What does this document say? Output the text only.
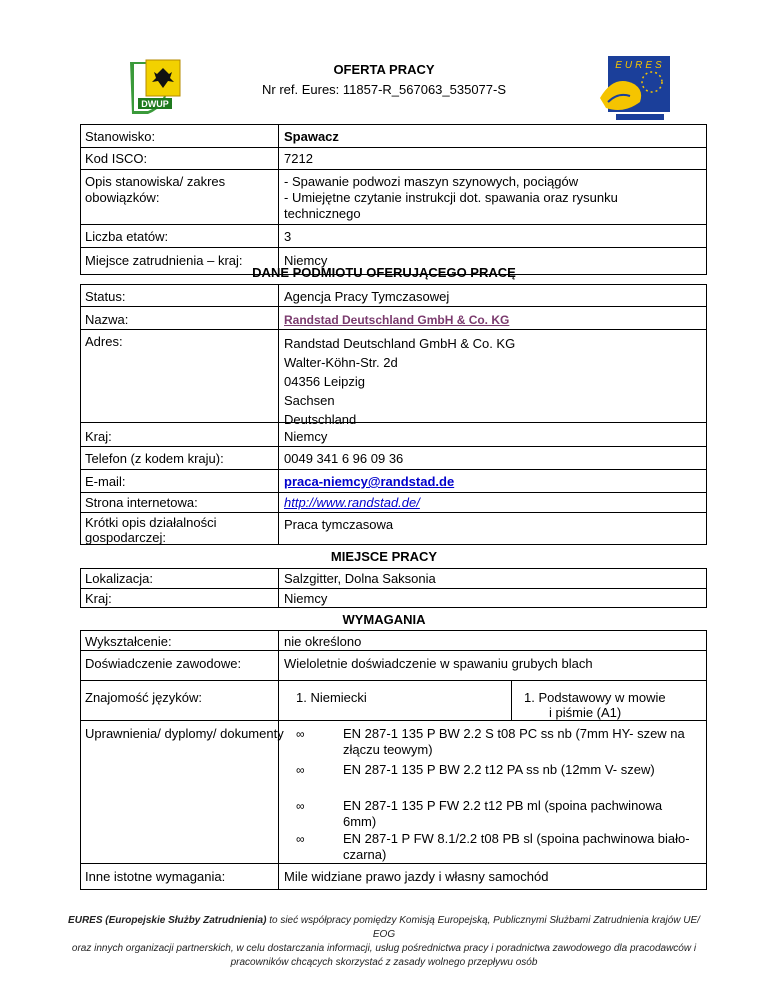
DWUP
OFERTA PRACY
Nr ref. Eures: 11857-R_567063_535077-S
EURES
Stanowisko:	Spawacz
Kod ISCO:	7212
Opis stanowiska/ zakres obowiązków:
- Spawanie podwozi maszyn szynowych, pociągów
- Umiejętne czytanie instrukcji dot. spawania oraz rysunku technicznego
Liczba etatów:	3
Miejsce zatrudnienia – kraj:	Niemcy
DANE PODMIOTU OFERUJĄCEGO PRACĘ
Status:	Agencja Pracy Tymczasowej
Nazwa:	Randstad Deutschland GmbH & Co. KG
Adres:	Randstad Deutschland GmbH & Co. KG
Walter-Köhn-Str. 2d
04356 Leipzig
Sachsen
Deutschland
Kraj:	Niemcy
Telefon (z kodem kraju):	0049 341 6 96 09 36
E-mail:	praca-niemcy@randstad.de
Strona internetowa:	http://www.randstad.de/
Krótki opis działalności gospodarczej:
Praca tymczasowa
MIEJSCE PRACY
Lokalizacja:	Salzgitter, Dolna Saksonia
Kraj:	Niemcy
WYMAGANIA
Wykształcenie:	nie określono
Doświadczenie zawodowe:	Wieloletnie doświadczenie w spawaniu grubych blach
Znajomość języków:	1. Niemiecki	1. Podstawowy w mowie
i piśmie (A1)
Uprawnienia/ dyplomy/ dokumenty ∞	EN 287-1 135 P BW 2.2 S t08 PC ss nb (7mm HY- szew na
złączu teowym)
∞	EN 287-1 135 P BW 2.2 t12 PA ss nb (12mm V- szew)
∞	EN 287-1 135 P FW 2.2 t12 PB ml (spoina pachwinowa
6mm)
∞	EN 287-1 P FW 8.1/2.2 t08 PB sl (spoina pachwinowa biało-
czarna)
Inne istotne wymagania:	Mile widziane prawo jazdy i własny samochód
EURES (Europejskie Służby Zatrudnienia) to sieć współpracy pomiędzy Komisją Europejską, Publicznymi Służbami Zatrudnienia krajów UE/ EOG
oraz innych organizacji partnerskich, w celu dostarczania informacji, usług pośrednictwa pracy i poradnictwa zawodowego dla pracodawców i
pracowników chcących skorzystać z zasady wolnego przepływu osób
